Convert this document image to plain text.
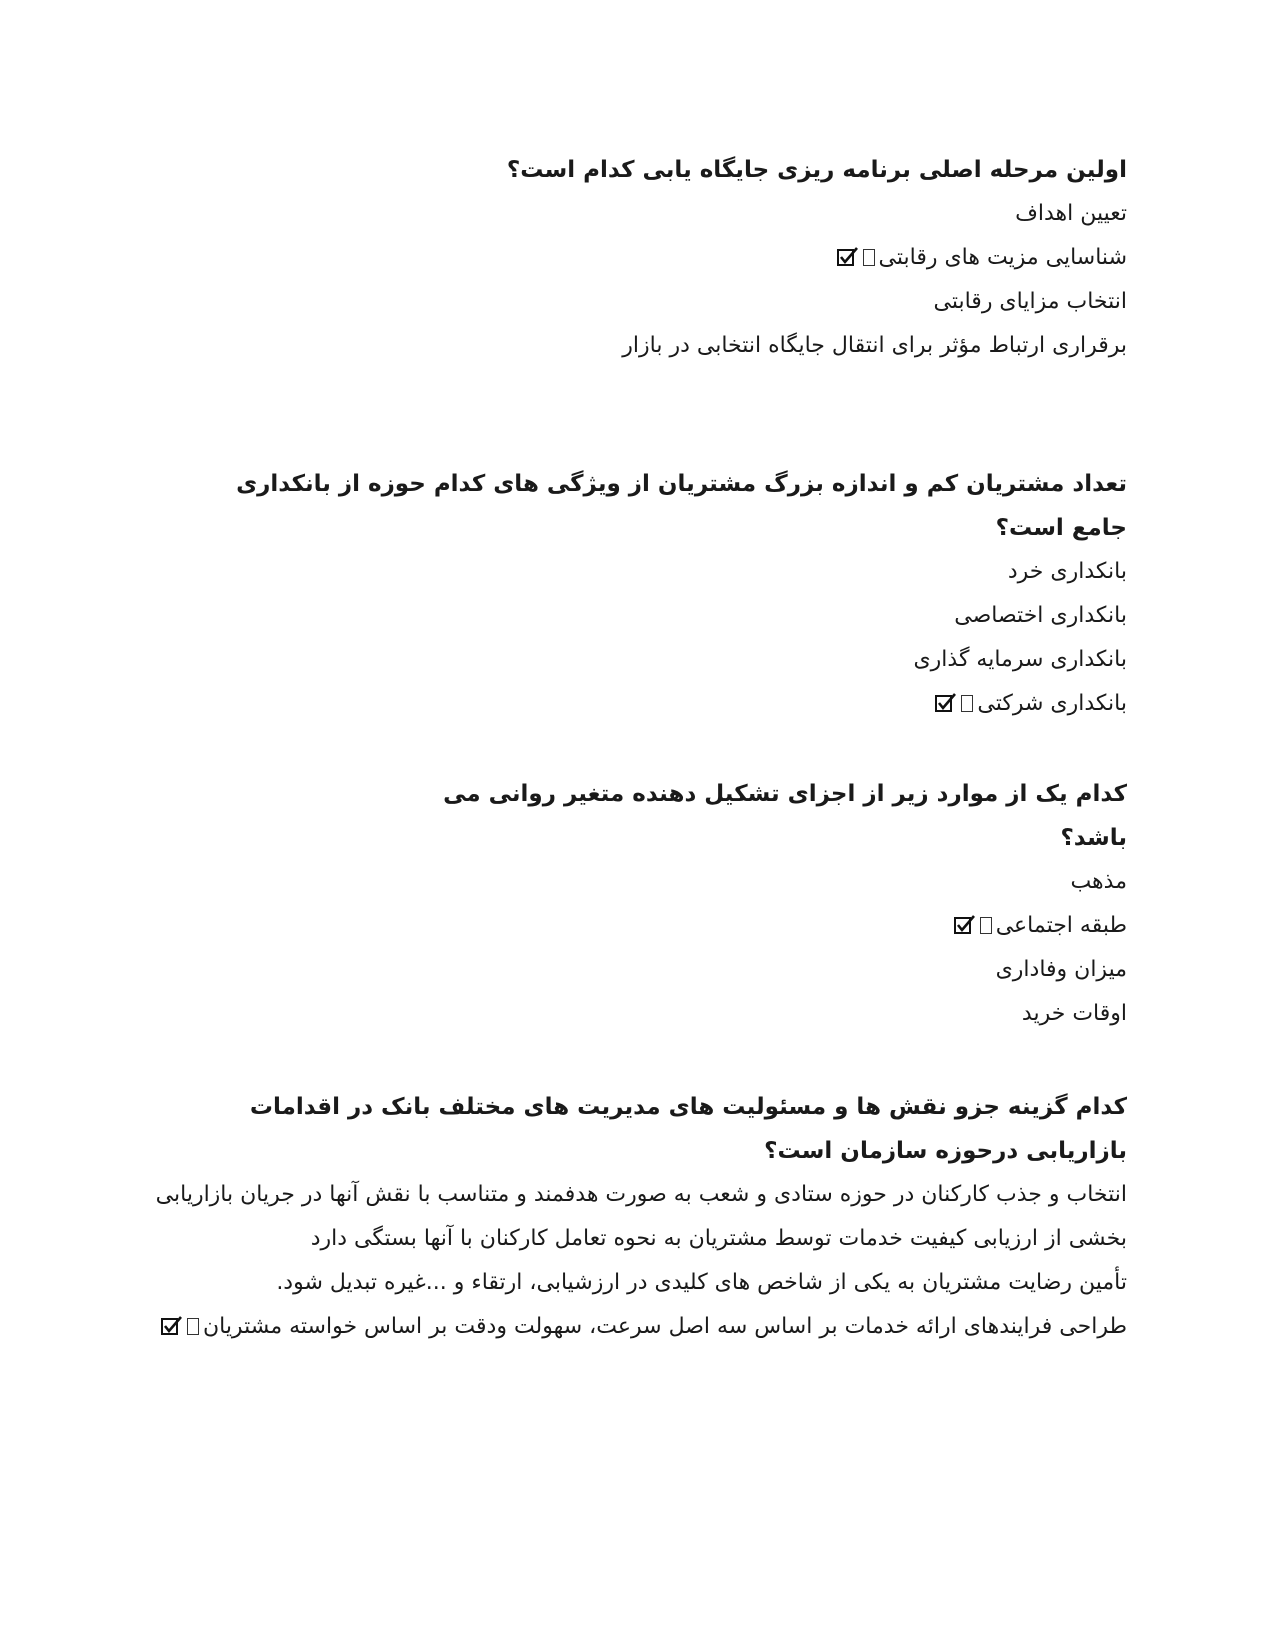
اولین مرحله اصلی برنامه ریزی جایگاه یابی کدام است؟

تعیین اهداف
شناسایی مزیت های رقابتی
انتخاب مزایای رقابتی
برقراری ارتباط مؤثر برای انتقال جایگاه انتخابی در بازار

تعداد مشتریان کم و اندازه بزرگ مشتریان از ویژگی های کدام حوزه از بانکداری جامع است؟

بانکداری خرد
بانکداری اختصاصی
بانکداری سرمایه گذاری
بانکداری شرکتی

کدام یک از موارد زیر از اجزای تشکیل دهنده متغیر روانی می باشد؟

مذهب
طبقه اجتماعی
میزان وفاداری
اوقات خرید

کدام گزینه جزو نقش ها و مسئولیت های مدیریت های مختلف بانک در اقدامات بازاریابی درحوزه سازمان است؟

انتخاب و جذب کارکنان در حوزه ستادی و شعب به صورت هدفمند و متناسب با نقش آنها در جریان بازاریابی
بخشی از ارزیابی کیفیت خدمات توسط مشتریان به نحوه تعامل کارکنان با آنها بستگی دارد
تأمین رضایت مشتریان به یکی از شاخص های کلیدی در ارزشیابی، ارتقاء و ...غیره تبدیل شود.
طراحی فرایندهای ارائه خدمات بر اساس سه اصل سرعت، سهولت ودقت بر اساس خواسته مشتریان
